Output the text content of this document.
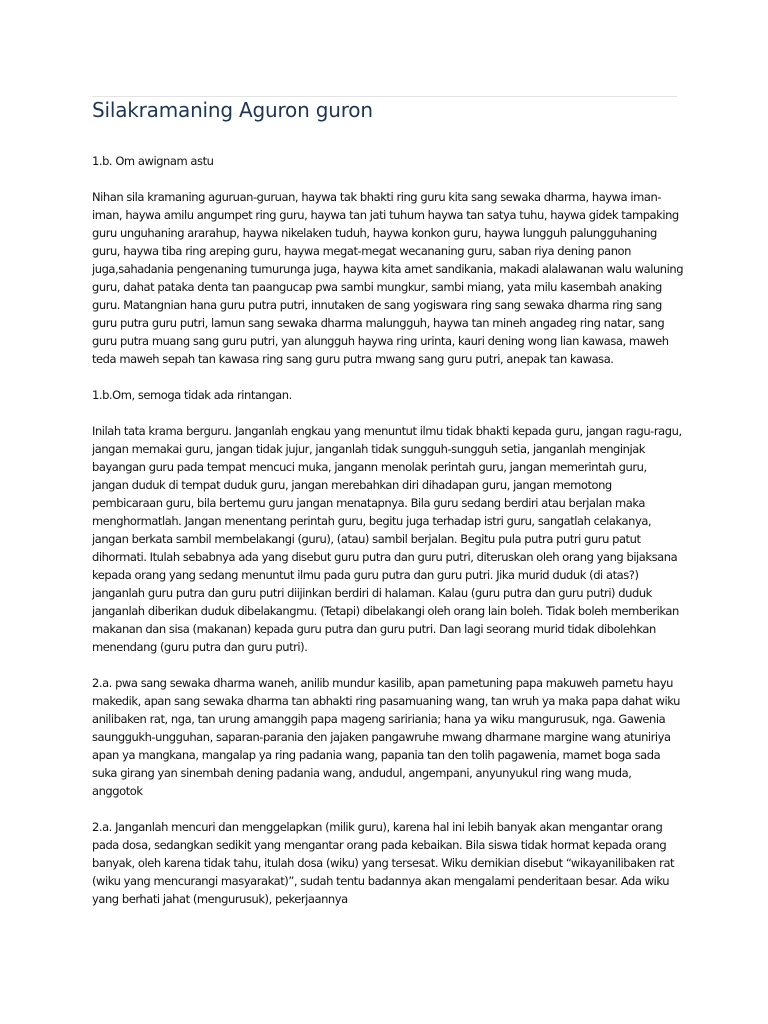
Silakramaning Aguron guron

1.b. Om awignam astu

Nihan sila kramaning aguruan-guruan, haywa tak bhakti ring guru kita sang sewaka dharma, haywa iman-iman, haywa amilu angumpet ring guru, haywa tan jati tuhum haywa tan satya tuhu, haywa gidek tampaking guru unguhaning ararahup, haywa nikelaken tuduh, haywa konkon guru, haywa lungguh palungguhaning guru, haywa tiba ring areping guru, haywa megat-megat wecananing guru, saban riya dening panon juga,sahadania pengenaning tumurunga juga, haywa kita amet sandikania, makadi alalawanan walu waluning guru, dahat pataka denta tan paangucap pwa sambi mungkur, sambi miang, yata milu kasembah anaking guru. Matangnian hana guru putra putri, innutaken de sang yogiswara ring sang sewaka dharma ring sang guru putra guru putri, lamun sang sewaka dharma malungguh, haywa tan mineh angadeg ring natar, sang guru putra muang sang guru putri, yan alungguh haywa ring urinta, kauri dening wong lian kawasa, maweh teda maweh sepah tan kawasa ring sang guru putra mwang sang guru putri, anepak tan kawasa.

1.b.Om, semoga tidak ada rintangan.

Inilah tata krama berguru. Janganlah engkau yang menuntut ilmu tidak bhakti kepada guru, jangan ragu-ragu, jangan memakai guru, jangan tidak jujur, janganlah tidak sungguh-sungguh setia, janganlah menginjak bayangan guru pada tempat mencuci muka, jangann menolak perintah guru, jangan memerintah guru, jangan duduk di tempat duduk guru, jangan merebahkan diri dihadapan guru, jangan memotong pembicaraan guru, bila bertemu guru jangan menatapnya. Bila guru sedang berdiri atau berjalan maka menghormatlah. Jangan menentang perintah guru, begitu juga terhadap istri guru, sangatlah celakanya, jangan berkata sambil membelakangi (guru), (atau) sambil berjalan. Begitu pula putra putri guru patut dihormati. Itulah sebabnya ada yang disebut guru putra dan guru putri, diteruskan oleh orang yang bijaksana kepada orang yang sedang menuntut ilmu pada guru putra dan guru putri. Jika murid duduk (di atas?) janganlah guru putra dan guru putri diijinkan berdiri di halaman. Kalau (guru putra dan guru putri) duduk janganlah diberikan duduk dibelakangmu. (Tetapi) dibelakangi oleh orang lain boleh. Tidak boleh memberikan makanan dan sisa (makanan) kepada guru putra dan guru putri. Dan lagi seorang murid tidak dibolehkan menendang (guru putra dan guru putri).

2.a. pwa sang sewaka dharma waneh, anilib mundur kasilib, apan pametuning papa makuweh pametu hayu makedik, apan sang sewaka dharma tan abhakti ring pasamuaning wang, tan wruh ya maka papa dahat wiku anilibaken rat, nga, tan urung amanggih papa mageng saririania; hana ya wiku mangurusuk, nga. Gawenia saunggukh-ungguhan, saparan-parania den jajaken pangawruhe mwang dharmane margine wang atuniriya apan ya mangkana, mangalap ya ring padania wang, papania tan den tolih pagawenia, mamet boga sada suka girang yan sinembah dening padania wang, andudul, angempani, anyunyukul ring wang muda, anggotok

2.a. Janganlah mencuri dan menggelapkan (milik guru), karena hal ini lebih banyak akan mengantar orang pada dosa, sedangkan sedikit yang mengantar orang pada kebaikan. Bila siswa tidak hormat kepada orang banyak, oleh karena tidak tahu, itulah dosa (wiku) yang tersesat. Wiku demikian disebut “wikayanilibaken rat (wiku yang mencurangi masyarakat)”, sudah tentu badannya akan mengalami penderitaan besar. Ada wiku yang berhati jahat (mengurusuk), pekerjaannya
